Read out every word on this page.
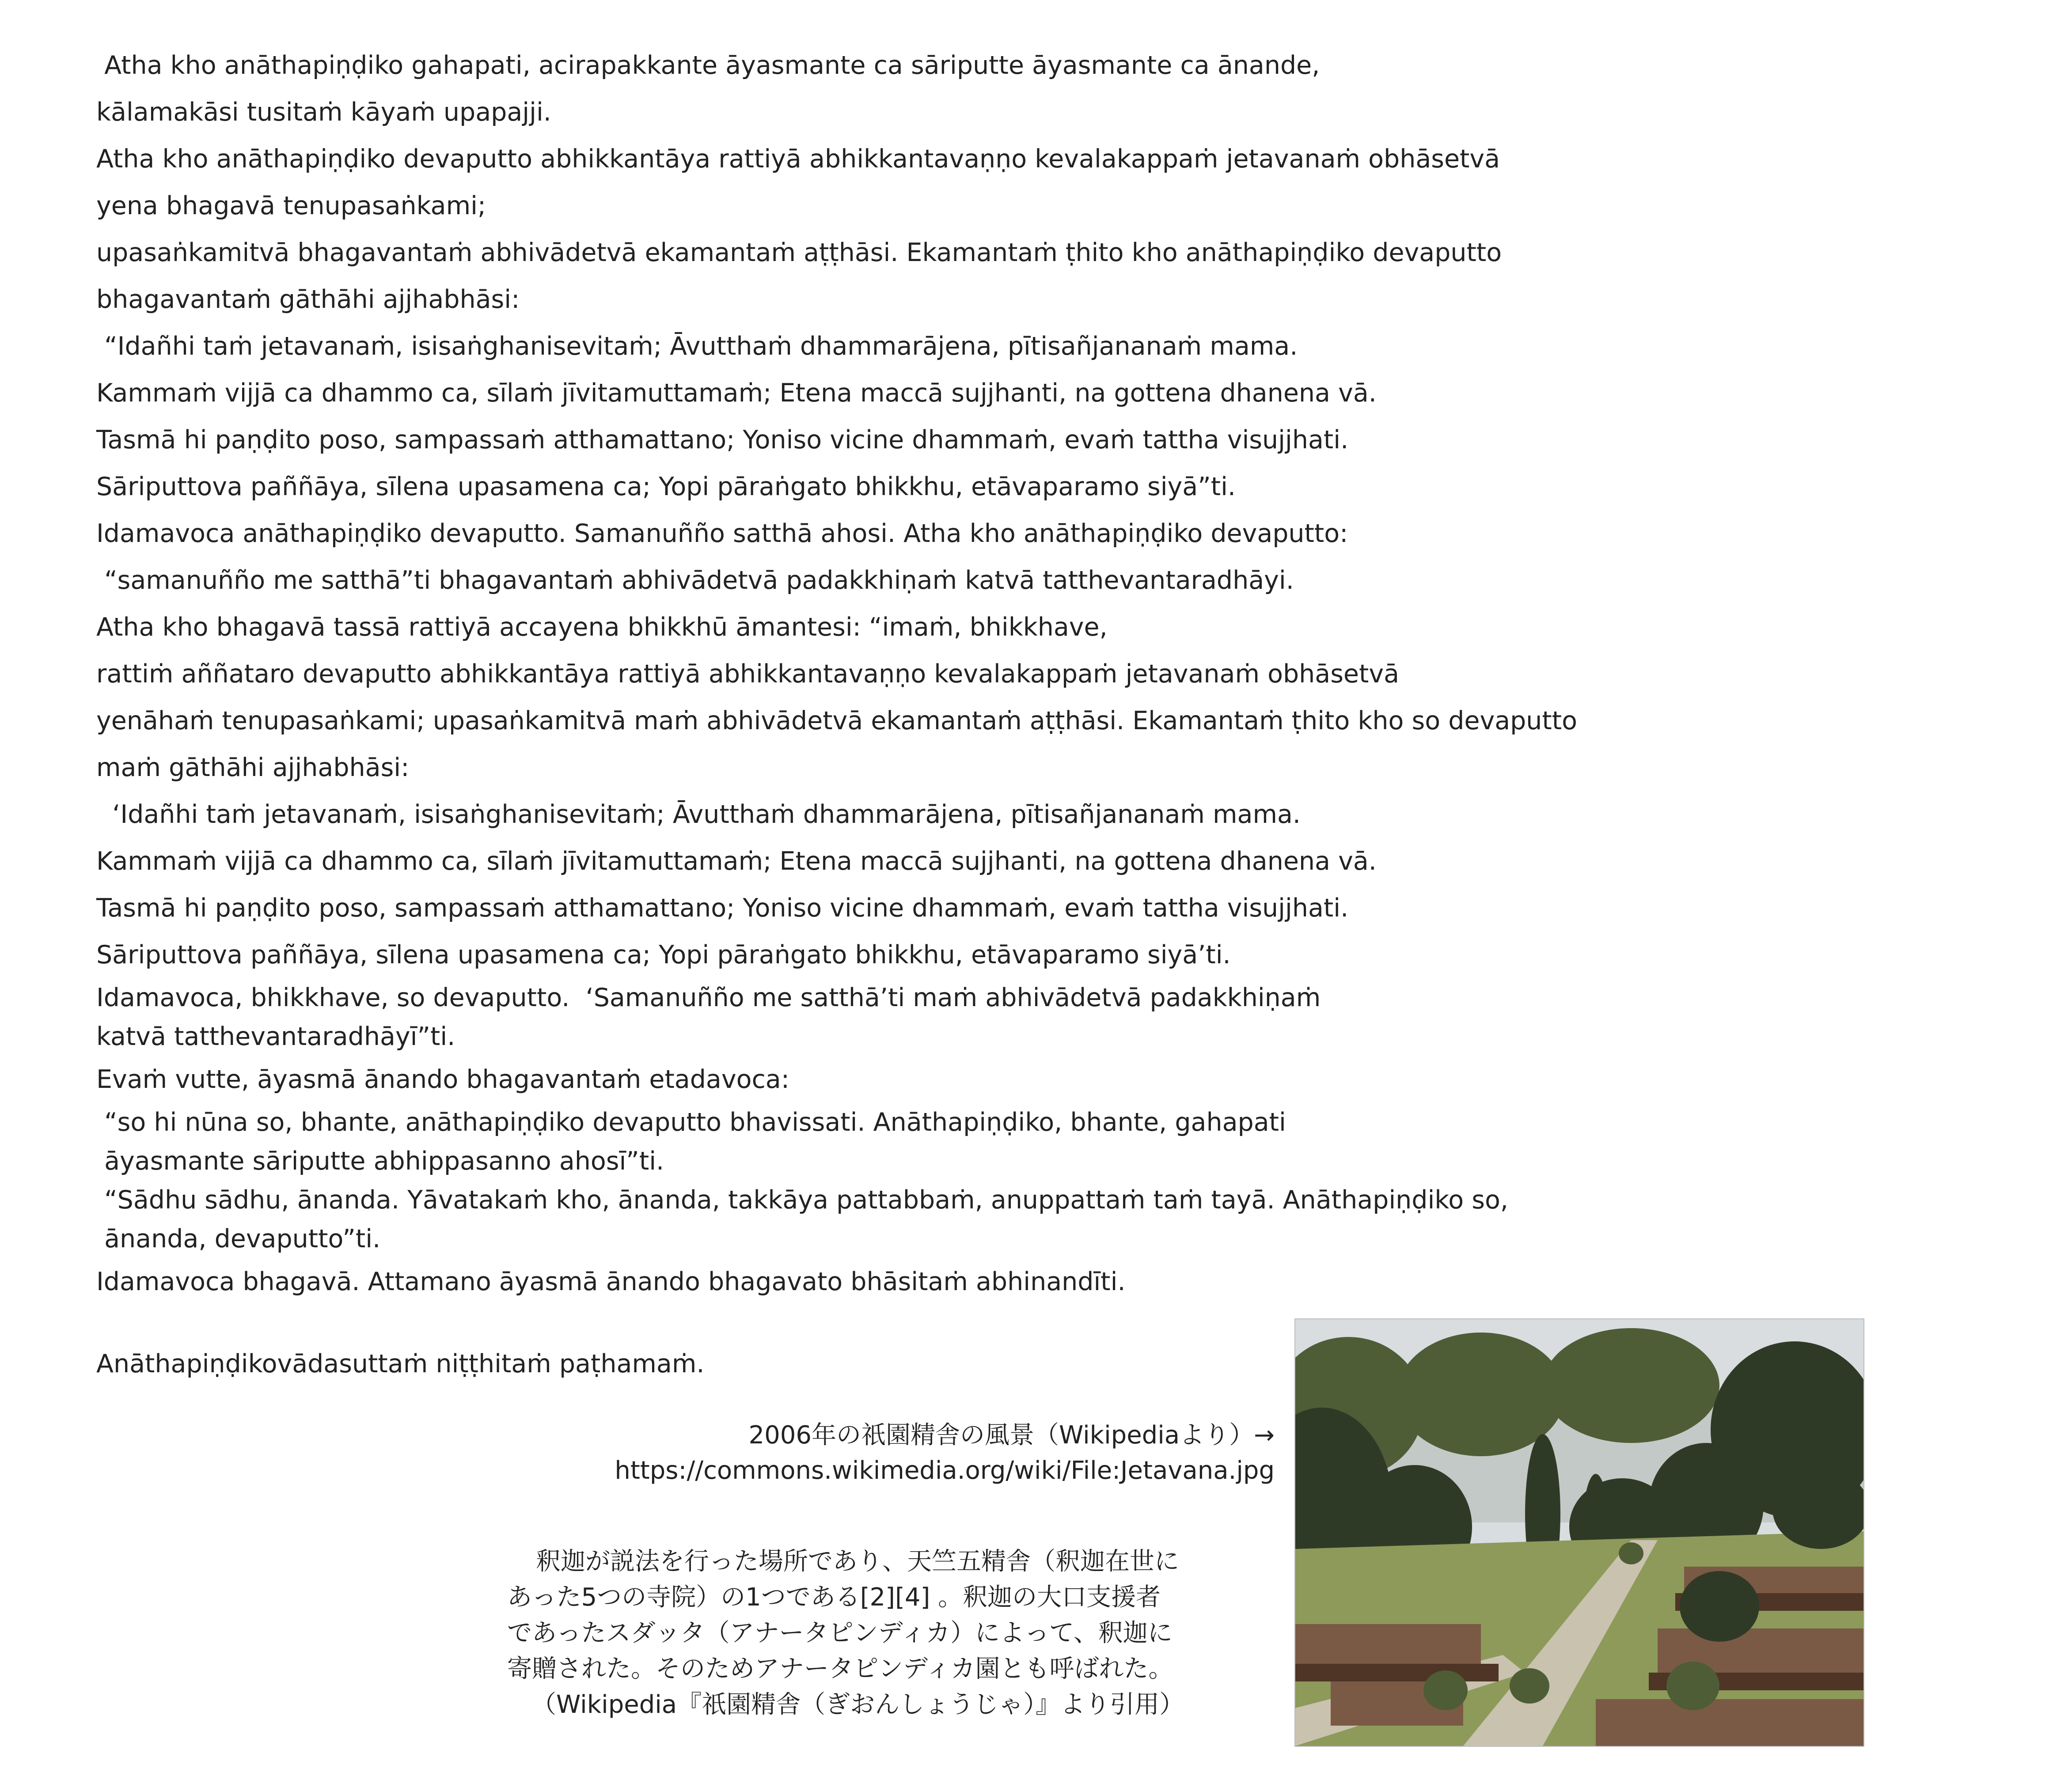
Atha kho anāthapiṇḍiko gahapati, acirapakkante āyasmante ca sāriputte āyasmante ca ānande,
kālamakāsi tusitaṁ kāyaṁ upapajji.
Atha kho anāthapiṇḍiko devaputto abhikkantāya rattiyā abhikkantavaṇṇo kevalakappaṁ jetavanaṁ obhāsetvā
yena bhagavā tenupasaṅkami;
upasaṅkamitvā bhagavantaṁ abhivādetvā ekamantaṁ aṭṭhāsi. Ekamantaṁ ṭhito kho anāthapiṇḍiko devaputto
bhagavantaṁ gāthāhi ajjhabhāsi:
“Idañhi taṁ jetavanaṁ, isisaṅghanisevitaṁ; Āvutthaṁ dhammarājena, pītisañjananaṁ mama.
Kammaṁ vijjā ca dhammo ca, sīlaṁ jīvitamuttamaṁ; Etena maccā sujjhanti, na gottena dhanena vā.
Tasmā hi paṇḍito poso, sampassaṁ atthamattano; Yoniso vicine dhammaṁ, evaṁ tattha visujjhati.
Sāriputtova paññāya, sīlena upasamena ca; Yopi pāraṅgato bhikkhu, etāvaparamo siyā”ti.
Idamavoca anāthapiṇḍiko devaputto. Samanuñño satthā ahosi. Atha kho anāthapiṇḍiko devaputto:
“samanuñño me satthā”ti bhagavantaṁ abhivādetvā padakkhiṇaṁ katvā tatthevantaradhāyi.
Atha kho bhagavā tassā rattiyā accayena bhikkhū āmantesi: “imaṁ, bhikkhave,
rattiṁ aññataro devaputto abhikkantāya rattiyā abhikkantavaṇṇo kevalakappaṁ jetavanaṁ obhāsetvā
yenāhaṁ tenupasaṅkami; upasaṅkamitvā maṁ abhivādetvā ekamantaṁ aṭṭhāsi. Ekamantaṁ ṭhito kho so devaputto
maṁ gāthāhi ajjhabhāsi:
‘Idañhi taṁ jetavanaṁ, isisaṅghanisevitaṁ; Āvutthaṁ dhammarājena, pītisañjananaṁ mama.
Kammaṁ vijjā ca dhammo ca, sīlaṁ jīvitamuttamaṁ; Etena maccā sujjhanti, na gottena dhanena vā.
Tasmā hi paṇḍito poso, sampassaṁ atthamattano; Yoniso vicine dhammaṁ, evaṁ tattha visujjhati.
Sāriputtova paññāya, sīlena upasamena ca; Yopi pāraṅgato bhikkhu, etāvaparamo siyā’ti.
Idamavoca, bhikkhave, so devaputto.  ‘Samanuñño me satthā’ti maṁ abhivādetvā padakkhiṇaṁ
katvā tatthevantaradhāyī”ti.
Evaṁ vutte, āyasmā ānando bhagavantaṁ etadavoca:
“so hi nūna so, bhante, anāthapiṇḍiko devaputto bhavissati. Anāthapiṇḍiko, bhante, gahapati
āyasmante sāriputte abhippasanno ahosī”ti.
“Sādhu sādhu, ānanda. Yāvatakaṁ kho, ānanda, takkāya pattabbaṁ, anuppattaṁ taṁ tayā. Anāthapiṇḍiko so,
ānanda, devaputto”ti.
Idamavoca bhagavā. Attamano āyasmā ānando bhagavato bhāsitaṁ abhinandīti.
Anāthapiṇḍikovādasuttaṁ niṭṭhitaṁ paṭhamaṁ.
2006年の祇園精舎の風景（Wikipediaより）→
https://commons.wikimedia.org/wiki/File:Jetavana.jpg
釈迦が説法を行った場所であり、天竺五精舎（釈迦在世に
あった5つの寺院）の1つである[2][4] 。釈迦の大口支援者
であったスダッタ（アナータピンディカ）によって、釈迦に
寄贈された。そのためアナータピンディカ園とも呼ばれた。
（Wikipedia『祇園精舎（ぎおんしょうじゃ）』より引用）
